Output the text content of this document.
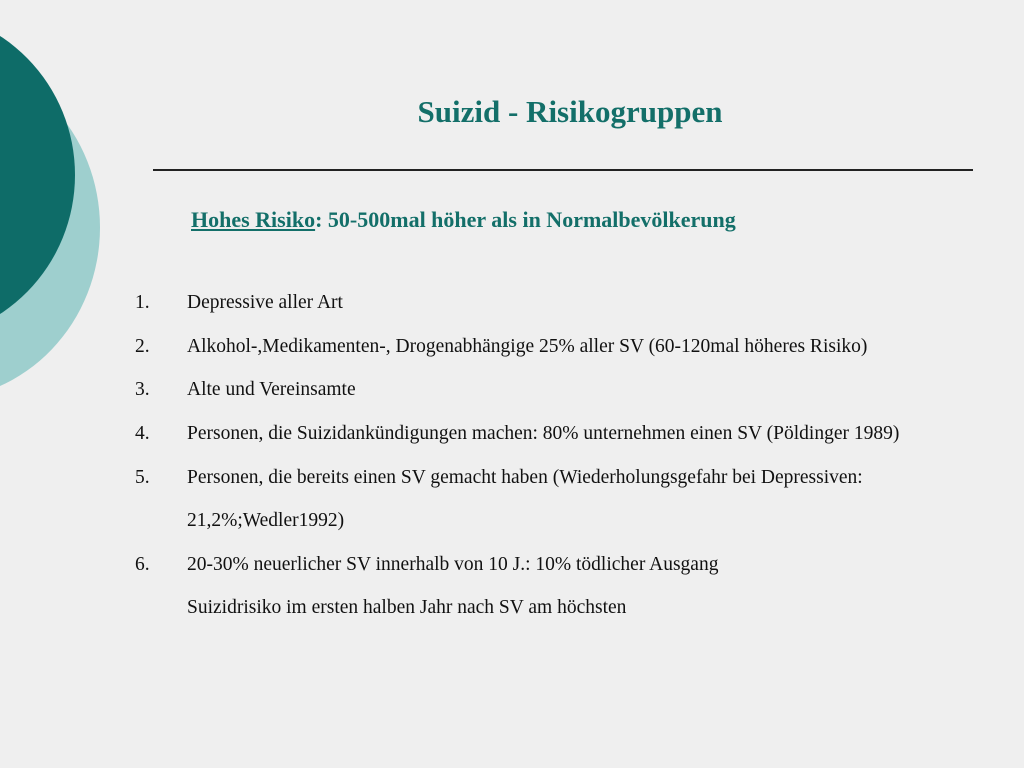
Suizid - Risikogruppen
Hohes Risiko: 50-500mal höher als in Normalbevölkerung
1. Depressive aller Art
2. Alkohol-,Medikamenten-, Drogenabhängige 25% aller SV (60-120mal höheres Risiko)
3. Alte und Vereinsamte
4. Personen, die Suizidankündigungen machen: 80% unternehmen einen SV (Pöldinger 1989)
5. Personen, die bereits einen SV gemacht haben (Wiederholungsgefahr bei Depressiven:
21,2%;Wedler1992)
6. 20-30% neuerlicher SV innerhalb von 10 J.: 10% tödlicher Ausgang
Suizidrisiko im ersten halben Jahr nach SV am höchsten
